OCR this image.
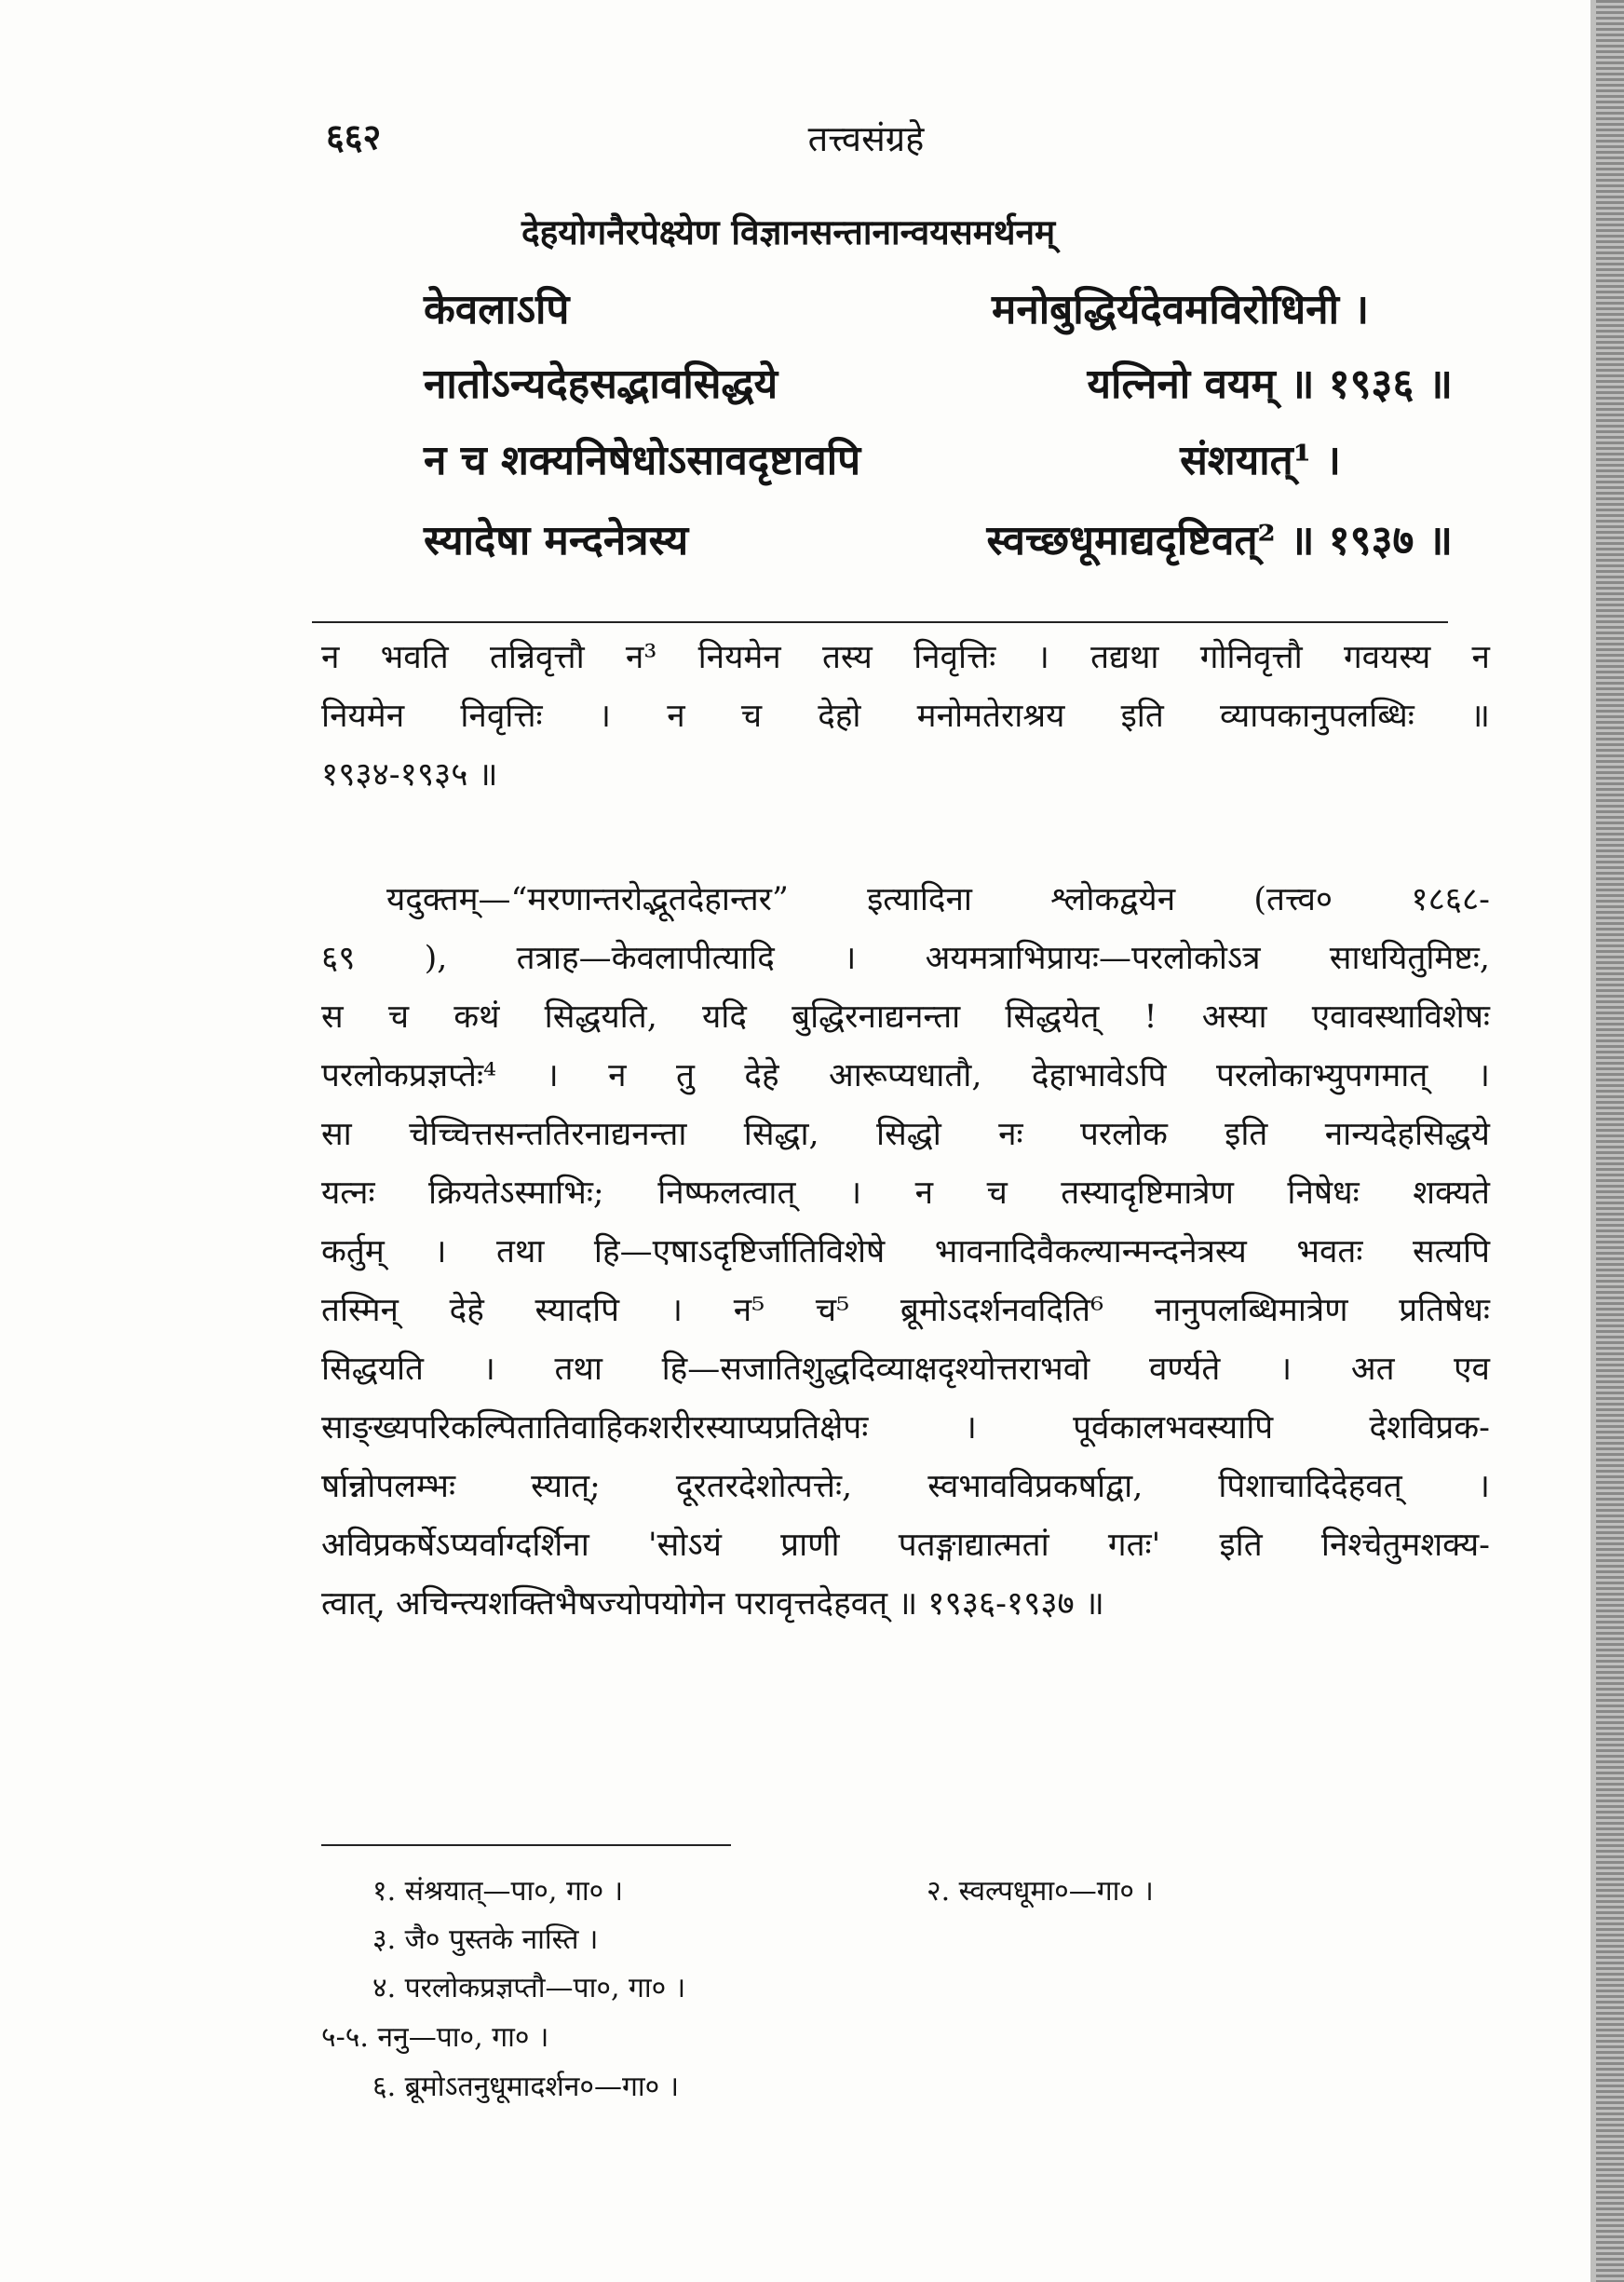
६६२	तत्त्वसंग्रहे
देहयोगनैरपेक्ष्येण विज्ञानसन्तानान्वयसमर्थनम्
केवलाऽपि	मनोबुद्धिर्यदेवमविरोधिनी ।
नातोऽन्यदेहसद्भावसिद्धये	यत्निनो वयम् ॥ १९३६ ॥
न च शक्यनिषेधोऽसावदृष्टावपि	संशयात्¹ ।
स्यादेषा मन्दनेत्रस्य	स्वच्छधूमाद्यदृष्टिवत्² ॥ १९३७ ॥
न भवति तन्निवृत्तौ न³ नियमेन तस्य निवृत्तिः । तद्यथा गोनिवृत्तौ गवयस्य न
नियमेन निवृत्तिः । न च देहो मनोमतेराश्रय इति व्यापकानुपलब्धिः ॥
१९३४-१९३५ ॥
यदुक्तम्—“मरणान्तरोद्भूतदेहान्तर” इत्यादिना श्लोकद्वयेन (तत्त्व० १८६८-
६९ ), तत्राह—केवलापीत्यादि । अयमत्राभिप्रायः—परलोकोऽत्र साधयितुमिष्टः,
स च कथं सिद्धयति, यदि बुद्धिरनाद्यनन्ता सिद्धयेत् ! अस्या एवावस्थाविशेषः
परलोकप्रज्ञप्तेः⁴ । न तु देहे आरूप्यधातौ, देहाभावेऽपि परलोकाभ्युपगमात् ।
सा चेच्चित्तसन्ततिरनाद्यनन्ता सिद्धा, सिद्धो नः परलोक इति नान्यदेहसिद्धये
यत्नः क्रियतेऽस्माभिः; निष्फलत्वात् । न च तस्यादृष्टिमात्रेण निषेधः शक्यते
कर्तुम् । तथा हि—एषाऽदृष्टिर्जातिविशेषे भावनादिवैकल्यान्मन्दनेत्रस्य भवतः सत्यपि
तस्मिन् देहे स्यादपि । न⁵ च⁵ ब्रूमोऽदर्शनवदिति⁶ नानुपलब्धिमात्रेण प्रतिषेधः
सिद्धयति । तथा हि—सजातिशुद्धदिव्याक्षदृश्योत्तराभवो वर्ण्यते । अत एव
साङ्ख्यपरिकल्पितातिवाहिकशरीरस्याप्यप्रतिक्षेपः । पूर्वकालभवस्यापि देशविप्रक-
र्षान्नोपलम्भः स्यात्; दूरतरदेशोत्पत्तेः, स्वभावविप्रकर्षाद्वा, पिशाचादिदेहवत् ।
अविप्रकर्षेऽप्यर्वाग्दर्शिना 'सोऽयं प्राणी पतङ्गाद्यात्मतां गतः' इति निश्चेतुमशक्य-
त्वात्, अचिन्त्यशक्तिभैषज्योपयोगेन परावृत्तदेहवत् ॥ १९३६-१९३७ ॥
१. संश्रयात्—पा०, गा० ।	२. स्वल्पधूमा०—गा० ।
३. जै० पुस्तके नास्ति ।
४. परलोकप्रज्ञप्तौ—पा०, गा० ।
५-५. ननु—पा०, गा० ।
६. ब्रूमोऽतनुधूमादर्शन०—गा० ।
